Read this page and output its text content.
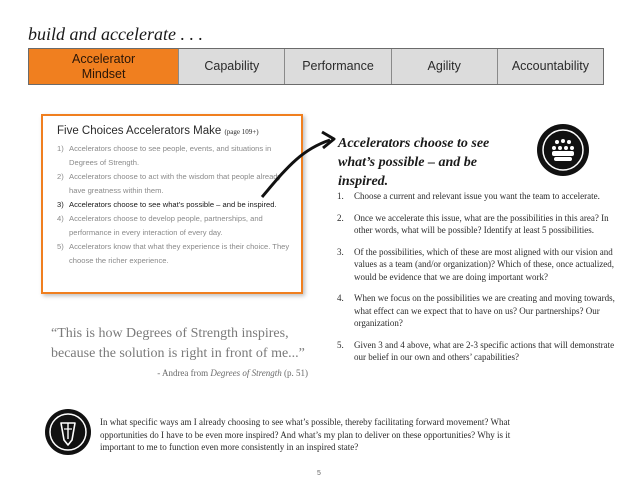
build and accelerate . . .
Accelerator Mindset
Capability	Performance	Agility	Accountability
Five Choices Accelerators Make (page 109+)
1) Accelerators choose to see people, events, and situations in Degrees of Strength.
2) Accelerators choose to act with the wisdom that people already have greatness within them.
3) Accelerators choose to see what’s possible – and be inspired.
4) Accelerators choose to develop people, partnerships, and performance in every interaction of every day.
5) Accelerators know that what they experience is their choice. They choose the richer experience.
Accelerators choose to see what’s possible – and be inspired.
1.	Choose a current and relevant issue you want the team to accelerate.
2.	Once we accelerate this issue, what are the possibilities in this area? In other words, what will be possible? Identify at least 5 possibilities.
3.	Of the possibilities, which of these are most aligned with our vision and values as a team (and/or organization)? Which of these, once actualized, would be evidence that we are doing important work?
4.	When we focus on the possibilities we are creating and moving towards, what effect can we expect that to have on us? Our partnerships? Our organization?
5.	Given 3 and 4 above, what are 2-3 specific actions that will demonstrate our belief in our own and others’ capabilities?
“This is how Degrees of Strength inspires, because the solution is right in front of me...”
- Andrea from Degrees of Strength (p. 51)
In what specific ways am I already choosing to see what’s possible, thereby facilitating forward movement? What opportunities do I have to be even more inspired? And what’s my plan to deliver on these opportunities? Why is it important to me to function even more consistently in an inspired state?
5
